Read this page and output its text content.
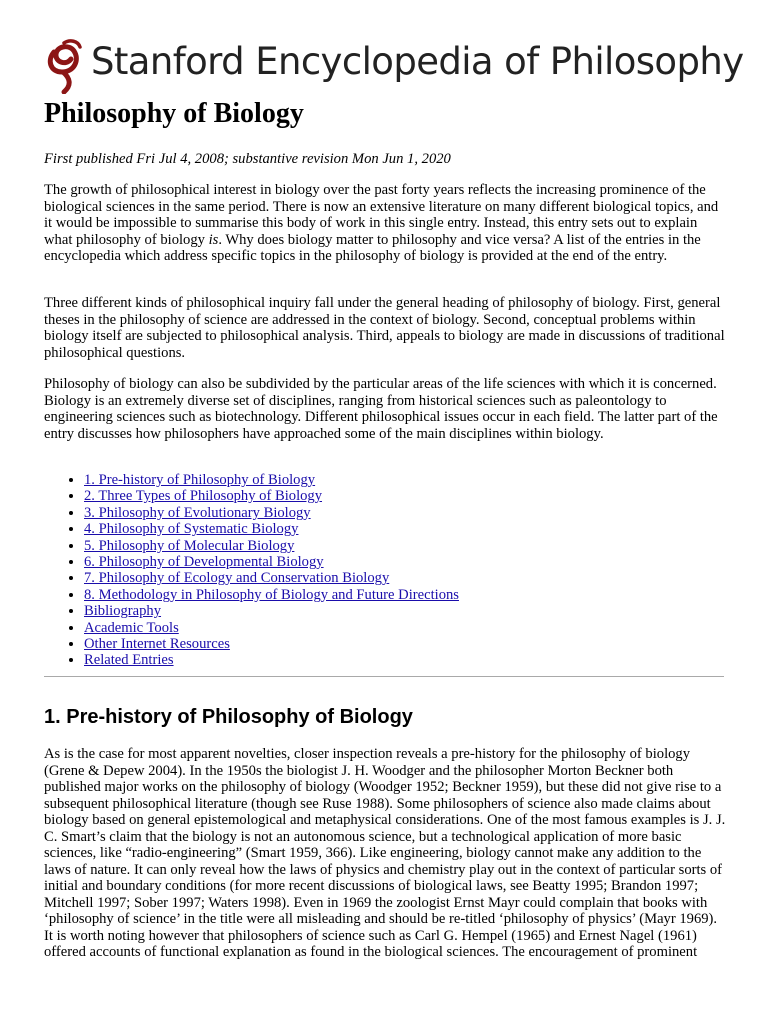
Stanford Encyclopedia of Philosophy
Philosophy of Biology
First published Fri Jul 4, 2008; substantive revision Mon Jun 1, 2020

The growth of philosophical interest in biology over the past forty years reflects the increasing prominence of the biological sciences in the same period. There is now an extensive literature on many different biological topics, and it would be impossible to summarise this body of work in this single entry. Instead, this entry sets out to explain what philosophy of biology is. Why does biology matter to philosophy and vice versa? A list of the entries in the encyclopedia which address specific topics in the philosophy of biology is provided at the end of the entry.

Three different kinds of philosophical inquiry fall under the general heading of philosophy of biology. First, general theses in the philosophy of science are addressed in the context of biology. Second, conceptual problems within biology itself are subjected to philosophical analysis. Third, appeals to biology are made in discussions of traditional philosophical questions.

Philosophy of biology can also be subdivided by the particular areas of the life sciences with which it is concerned. Biology is an extremely diverse set of disciplines, ranging from historical sciences such as paleontology to engineering sciences such as biotechnology. Different philosophical issues occur in each field. The latter part of the entry discusses how philosophers have approached some of the main disciplines within biology.

• 1. Pre-history of Philosophy of Biology
• 2. Three Types of Philosophy of Biology
• 3. Philosophy of Evolutionary Biology
• 4. Philosophy of Systematic Biology
• 5. Philosophy of Molecular Biology
• 6. Philosophy of Developmental Biology
• 7. Philosophy of Ecology and Conservation Biology
• 8. Methodology in Philosophy of Biology and Future Directions
• Bibliography
• Academic Tools
• Other Internet Resources
• Related Entries
1. Pre-history of Philosophy of Biology

As is the case for most apparent novelties, closer inspection reveals a pre-history for the philosophy of biology (Grene & Depew 2004). In the 1950s the biologist J. H. Woodger and the philosopher Morton Beckner both published major works on the philosophy of biology (Woodger 1952; Beckner 1959), but these did not give rise to a subsequent philosophical literature (though see Ruse 1988). Some philosophers of science also made claims about biology based on general epistemological and metaphysical considerations. One of the most famous examples is J. J. C. Smart’s claim that the biology is not an autonomous science, but a technological application of more basic sciences, like “radio-engineering” (Smart 1959, 366). Like engineering, biology cannot make any addition to the laws of nature. It can only reveal how the laws of physics and chemistry play out in the context of particular sorts of initial and boundary conditions (for more recent discussions of biological laws, see Beatty 1995; Brandon 1997; Mitchell 1997; Sober 1997; Waters 1998). Even in 1969 the zoologist Ernst Mayr could complain that books with ‘philosophy of science’ in the title were all misleading and should be re-titled ‘philosophy of physics’ (Mayr 1969). It is worth noting however that philosophers of science such as Carl G. Hempel (1965) and Ernest Nagel (1961) offered accounts of functional explanation as found in the biological sciences. The encouragement of prominent
